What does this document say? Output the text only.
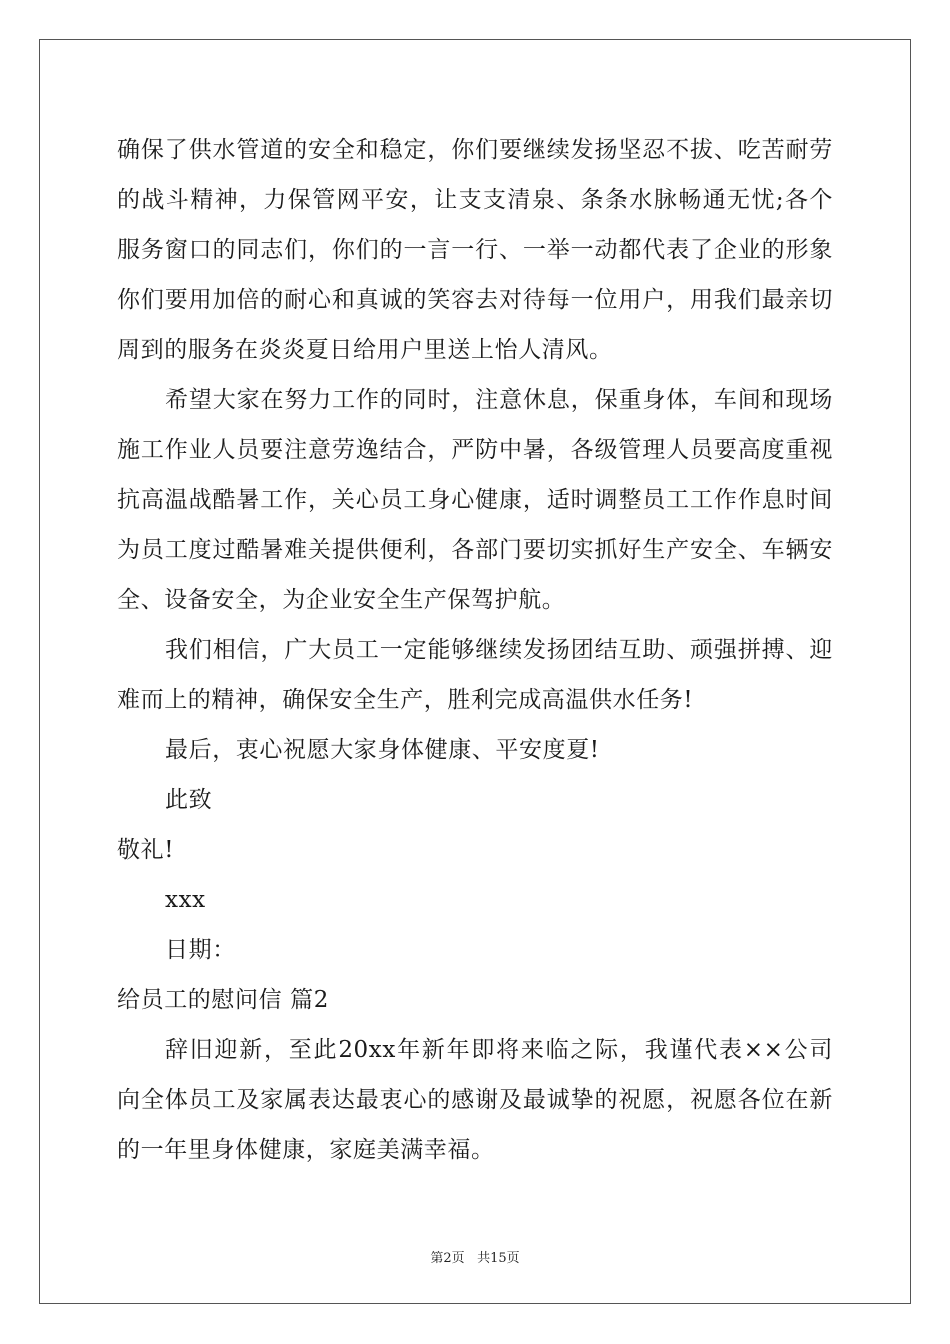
确保了供水管道的安全和稳定，你们要继续发扬坚忍不拔、吃苦耐劳
的战斗精神，力保管网平安，让支支清泉、条条水脉畅通无忧;各个
服务窗口的同志们，你们的一言一行、一举一动都代表了企业的形象
你们要用加倍的耐心和真诚的笑容去对待每一位用户，用我们最亲切
周到的服务在炎炎夏日给用户里送上怡人清风。
希望大家在努力工作的同时，注意休息，保重身体，车间和现场
施工作业人员要注意劳逸结合，严防中暑，各级管理人员要高度重视
抗高温战酷暑工作，关心员工身心健康，适时调整员工工作作息时间
为员工度过酷暑难关提供便利，各部门要切实抓好生产安全、车辆安
全、设备安全，为企业安全生产保驾护航。
我们相信，广大员工一定能够继续发扬团结互助、顽强拼搏、迎
难而上的精神，确保安全生产，胜利完成高温供水任务!
最后，衷心祝愿大家身体健康、平安度夏!
此致
敬礼!
xxx
日期：
给员工的慰问信 篇2
辞旧迎新，至此20xx年新年即将来临之际，我谨代表××公司
向全体员工及家属表达最衷心的感谢及最诚挚的祝愿，祝愿各位在新
的一年里身体健康，家庭美满幸福。
第2页 共15页
